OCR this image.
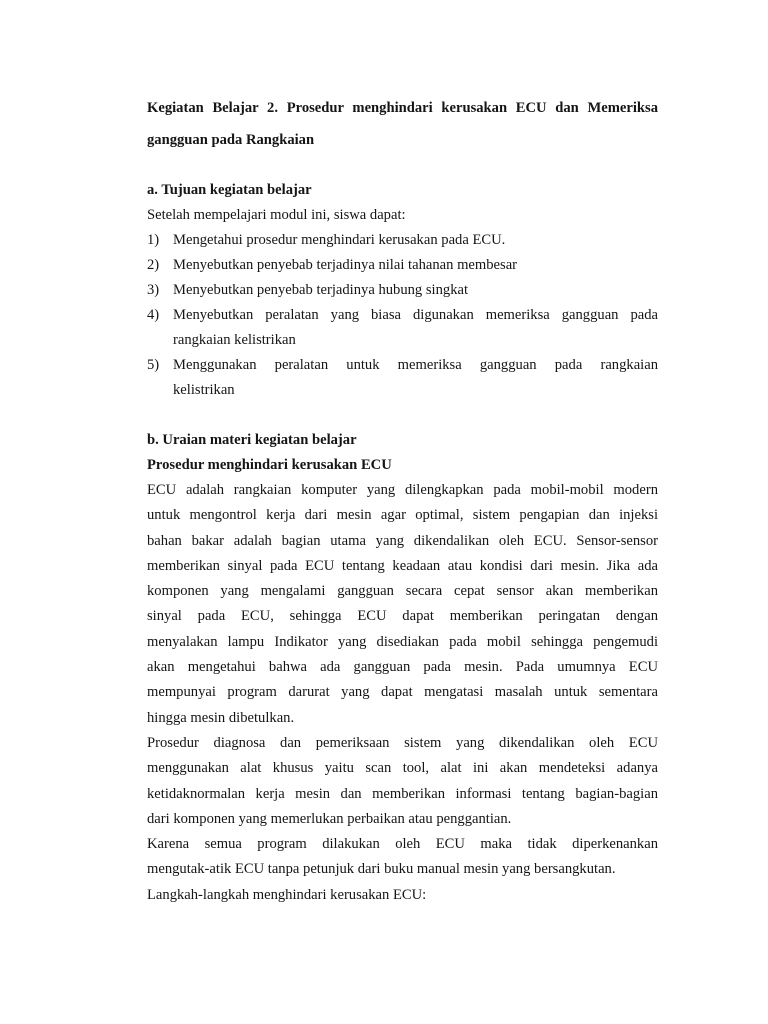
Kegiatan Belajar 2. Prosedur menghindari kerusakan ECU dan Memeriksa
gangguan pada Rangkaian
a. Tujuan kegiatan belajar
Setelah mempelajari modul ini, siswa dapat:
1) Mengetahui prosedur menghindari kerusakan pada ECU.
2) Menyebutkan penyebab terjadinya nilai tahanan membesar
3) Menyebutkan penyebab terjadinya hubung singkat
4) Menyebutkan peralatan yang biasa digunakan memeriksa gangguan pada
rangkaian kelistrikan
5) Menggunakan peralatan untuk memeriksa gangguan pada rangkaian
kelistrikan
b. Uraian materi kegiatan belajar
Prosedur menghindari kerusakan ECU
ECU adalah rangkaian komputer yang dilengkapkan pada mobil-mobil modern
untuk mengontrol kerja dari mesin agar optimal, sistem pengapian dan injeksi
bahan bakar adalah bagian utama yang dikendalikan oleh ECU. Sensor-sensor
memberikan sinyal pada ECU tentang keadaan atau kondisi dari mesin. Jika ada
komponen yang mengalami gangguan secara cepat sensor akan memberikan
sinyal pada ECU, sehingga ECU dapat memberikan peringatan dengan
menyalakan lampu Indikator yang disediakan pada mobil sehingga pengemudi
akan mengetahui bahwa ada gangguan pada mesin. Pada umumnya ECU
mempunyai program darurat yang dapat mengatasi masalah untuk sementara
hingga mesin dibetulkan.
Prosedur diagnosa dan pemeriksaan sistem yang dikendalikan oleh ECU
menggunakan alat khusus yaitu scan tool, alat ini akan mendeteksi adanya
ketidaknormalan kerja mesin dan memberikan informasi tentang bagian-bagian
dari komponen yang memerlukan perbaikan atau penggantian.
Karena semua program dilakukan oleh ECU maka tidak diperkenankan
mengutak-atik ECU tanpa petunjuk dari buku manual mesin yang bersangkutan.
Langkah-langkah menghindari kerusakan ECU:
